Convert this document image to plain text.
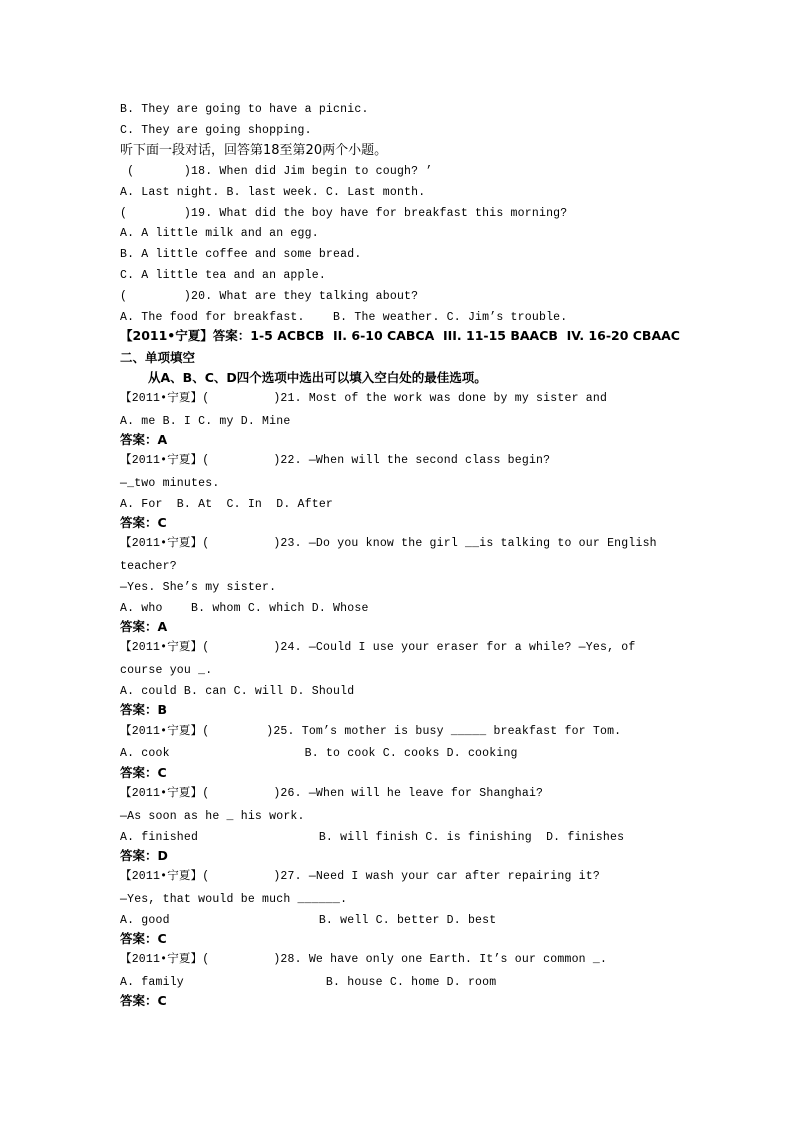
B. They are going to have a picnic.
C. They are going shopping.
听下面一段对话，回答第18至第20两个小题。
(       )18. When did Jim begin to cough? ’
A. Last night. B. last week. C. Last month.
(        )19. What did the boy have for breakfast this morning?
A. A little milk and an egg.
B. A little coffee and some bread.
C. A little tea and an apple.
(        )20. What are they talking about?
A. The food for breakfast.    B. The weather. C. Jim’s trouble.
【2011•宁夏】答案：1-5 ACBCB  II. 6-10 CABCA  III. 11-15 BAACB  IV. 16-20 CBAAC
二、单项填空
从A、B、C、D四个选项中选出可以填入空白处的最佳选项。
【2011•宁夏】(         )21. Most of the work was done by my sister and
A. me B. I C. my D. Mine
答案：A
【2011•宁夏】(         )22. —When will the second class begin?
—_two minutes.
A. For  B. At  C. In  D. After
答案：C
【2011•宁夏】(         )23. —Do you know the girl __is talking to our English
teacher?
—Yes. She’s my sister.
A. who    B. whom C. which D. Whose
答案：A
【2011•宁夏】(         )24. —Could I use your eraser for a while? —Yes, of
course you _.
A. could B. can C. will D. Should
答案：B
【2011•宁夏】(        )25. Tom’s mother is busy _____ breakfast for Tom.
A. cook                   B. to cook C. cooks D. cooking
答案：C
【2011•宁夏】(         )26. —When will he leave for Shanghai?
—As soon as he _ his work.
A. finished                 B. will finish C. is finishing  D. finishes
答案：D
【2011•宁夏】(         )27. —Need I wash your car after repairing it?
—Yes, that would be much ______.
A. good                     B. well C. better D. best
答案：C
【2011•宁夏】(         )28. We have only one Earth. It’s our common _.
A. family                    B. house C. home D. room
答案：C
